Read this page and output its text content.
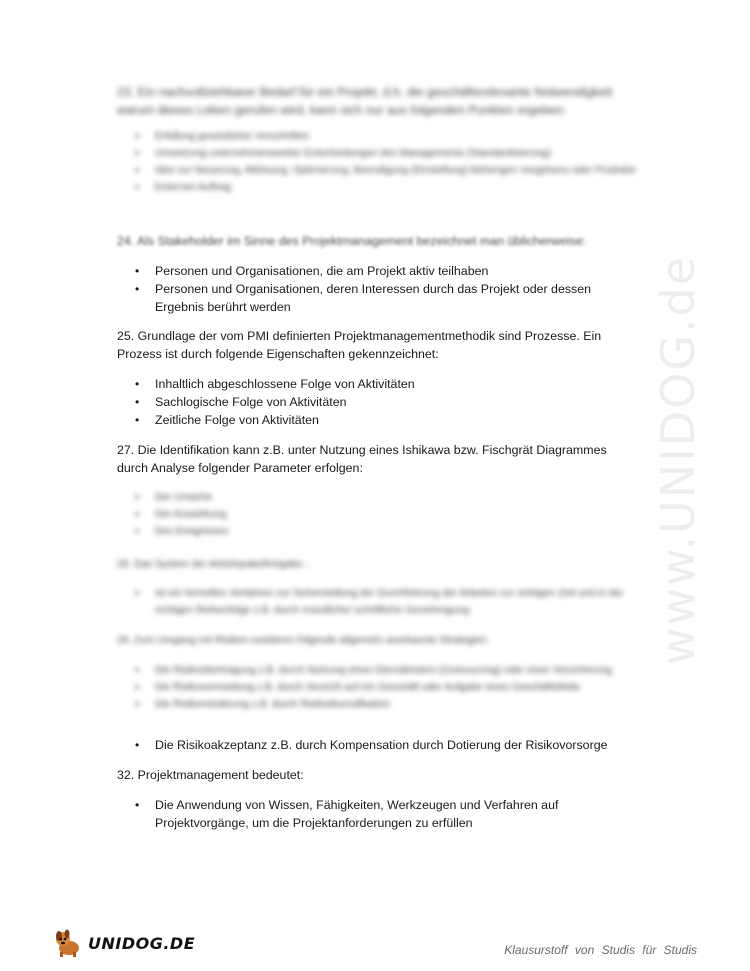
www.UNIDOG.de

23. Ein nachvollziehbarer Bedarf für ein Projekt, d.h. die geschäftsrelevante Notwendigkeit warum dieses Leben gerufen wird, kann sich nur aus folgenden Punkten ergeben:

• Erfüllung gesetzlicher Vorschriften
• Umsetzung unternehmensweiter Entscheidungen des Managements (Standardisierung)
• Idee zur Neuerung, Ablösung, Optimierung, Beendigung (Einstellung) bisherigen Vorgehens oder Produkte
• Externen Auftrag

24. Als Stakeholder im Sinne des Projektmanagement bezeichnet man üblicherweise:

• Personen und Organisationen, die am Projekt aktiv teilhaben
• Personen und Organisationen, deren Interessen durch das Projekt oder dessen Ergebnis berührt werden

25. Grundlage der vom PMI definierten Projektmanagementmethodik sind Prozesse. Ein Prozess ist durch folgende Eigenschaften gekennzeichnet:

• Inhaltlich abgeschlossene Folge von Aktivitäten
• Sachlogische Folge von Aktivitäten
• Zeitliche Folge von Aktivitäten

27. Die Identifikation kann z.B. unter Nutzung eines Ishikawa bzw. Fischgrät Diagrammes durch Analyse folgender Parameter erfolgen:

• Der Ursache
• Der Auswirkung
• Des Ereignisses

28. Das System der Arbeitspaketfreigabe...

• Ist ein formelles Verfahren zur Sicherstellung der Durchführung der Arbeiten zur richtigen Zeit und in der richtigen Reihenfolge z.B. durch mündliche/ schriftliche Genehmigung

29. Zum Umgang mit Risiken existieren folgende allgemein anerkannte Strategien:

• Die Risikoübertragung z.B. durch Nutzung eines Dienstleisters (Outsourcing) oder einer Versicherung
• Die Risikovermeidung z.B. durch Verzicht auf ein Geschäft oder Aufgabe eines Geschäftsfelds
• Die Risikominderung z.B. durch Risikodiversifikation
• Die Risikoakzeptanz z.B. durch Kompensation durch Dotierung der Risikovorsorge

32. Projektmanagement bedeutet:

• Die Anwendung von Wissen, Fähigkeiten, Werkzeugen und Verfahren auf Projektvorgänge, um die Projektanforderungen zu erfüllen
UNIDOG.DE	Klausurstoff von Studis für Studis
